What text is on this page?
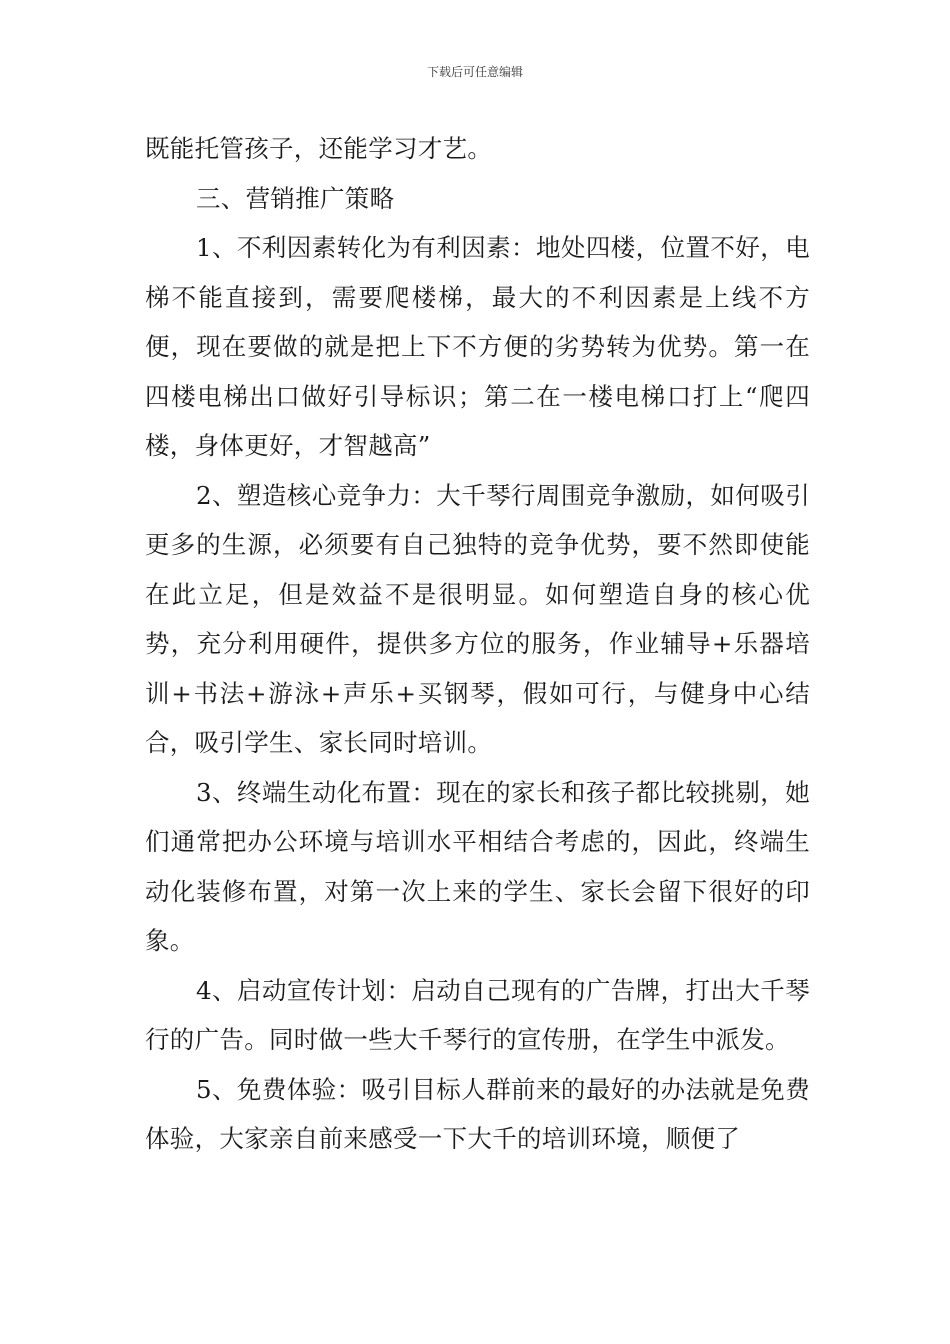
下载后可任意编辑

既能托管孩子，还能学习才艺。

三、营销推广策略

1、不利因素转化为有利因素：地处四楼，位置不好，电梯不能直接到，需要爬楼梯，最大的不利因素是上线不方便，现在要做的就是把上下不方便的劣势转为优势。第一在四楼电梯出口做好引导标识；第二在一楼电梯口打上“爬四楼，身体更好，才智越高”

2、塑造核心竞争力：大千琴行周围竞争激励，如何吸引更多的生源，必须要有自己独特的竞争优势，要不然即使能在此立足，但是效益不是很明显。如何塑造自身的核心优势，充分利用硬件，提供多方位的服务，作业辅导+乐器培训+书法+游泳+声乐+买钢琴，假如可行，与健身中心结合，吸引学生、家长同时培训。

3、终端生动化布置：现在的家长和孩子都比较挑剔，她们通常把办公环境与培训水平相结合考虑的，因此，终端生动化装修布置，对第一次上来的学生、家长会留下很好的印象。

4、启动宣传计划：启动自己现有的广告牌，打出大千琴行的广告。同时做一些大千琴行的宣传册，在学生中派发。

5、免费体验：吸引目标人群前来的最好的办法就是免费体验，大家亲自前来感受一下大千的培训环境，顺便了
